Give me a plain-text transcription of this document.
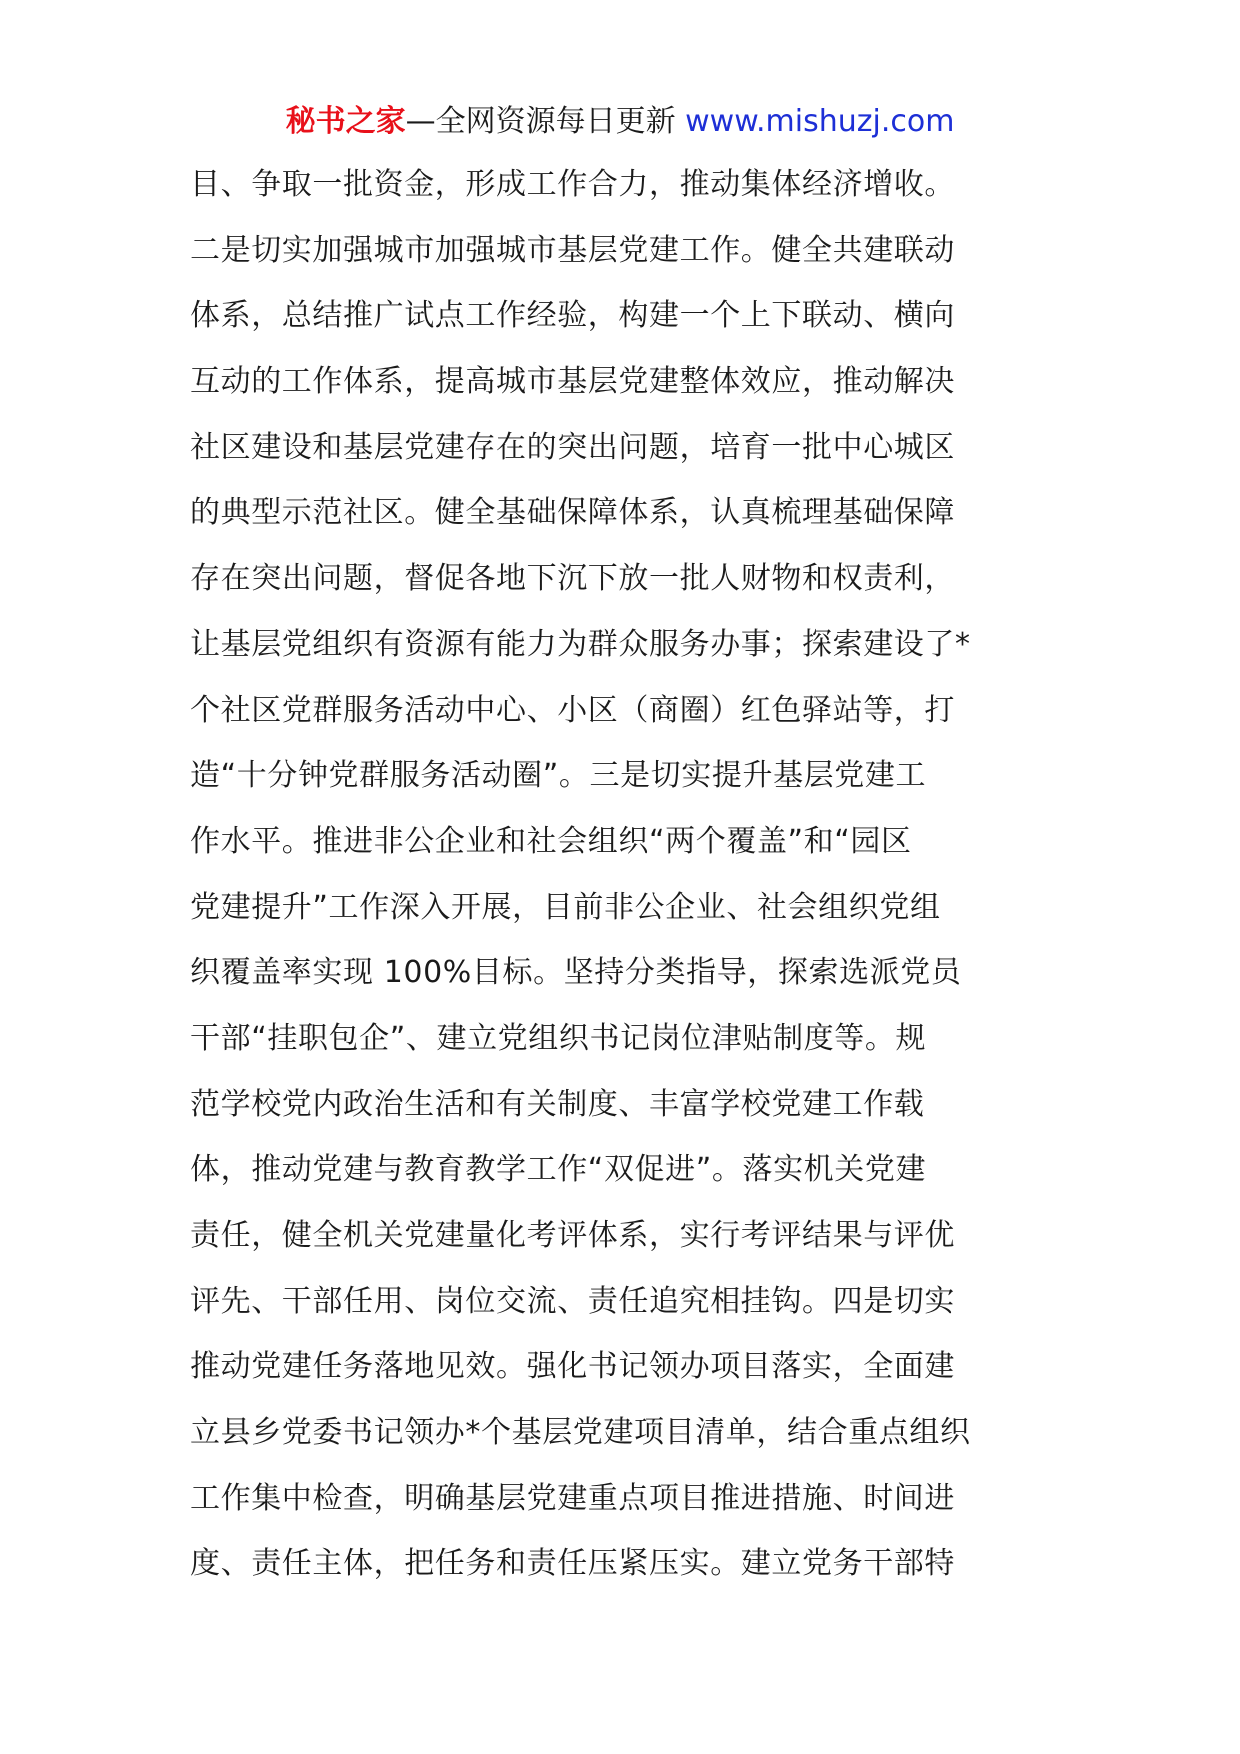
秘书之家—全网资源每日更新 www.mishuzj.com
目、争取一批资金，形成工作合力，推动集体经济增收。
二是切实加强城市加强城市基层党建工作。健全共建联动
体系，总结推广试点工作经验，构建一个上下联动、横向
互动的工作体系，提高城市基层党建整体效应，推动解决
社区建设和基层党建存在的突出问题，培育一批中心城区
的典型示范社区。健全基础保障体系，认真梳理基础保障
存在突出问题，督促各地下沉下放一批人财物和权责利，
让基层党组织有资源有能力为群众服务办事；探索建设了*
个社区党群服务活动中心、小区（商圈）红色驿站等，打
造“十分钟党群服务活动圈”。三是切实提升基层党建工
作水平。推进非公企业和社会组织“两个覆盖”和“园区
党建提升”工作深入开展，目前非公企业、社会组织党组
织覆盖率实现 100%目标。坚持分类指导，探索选派党员
干部“挂职包企”、建立党组织书记岗位津贴制度等。规
范学校党内政治生活和有关制度、丰富学校党建工作载
体，推动党建与教育教学工作“双促进”。落实机关党建
责任，健全机关党建量化考评体系，实行考评结果与评优
评先、干部任用、岗位交流、责任追究相挂钩。四是切实
推动党建任务落地见效。强化书记领办项目落实，全面建
立县乡党委书记领办*个基层党建项目清单，结合重点组织
工作集中检查，明确基层党建重点项目推进措施、时间进
度、责任主体，把任务和责任压紧压实。建立党务干部特
